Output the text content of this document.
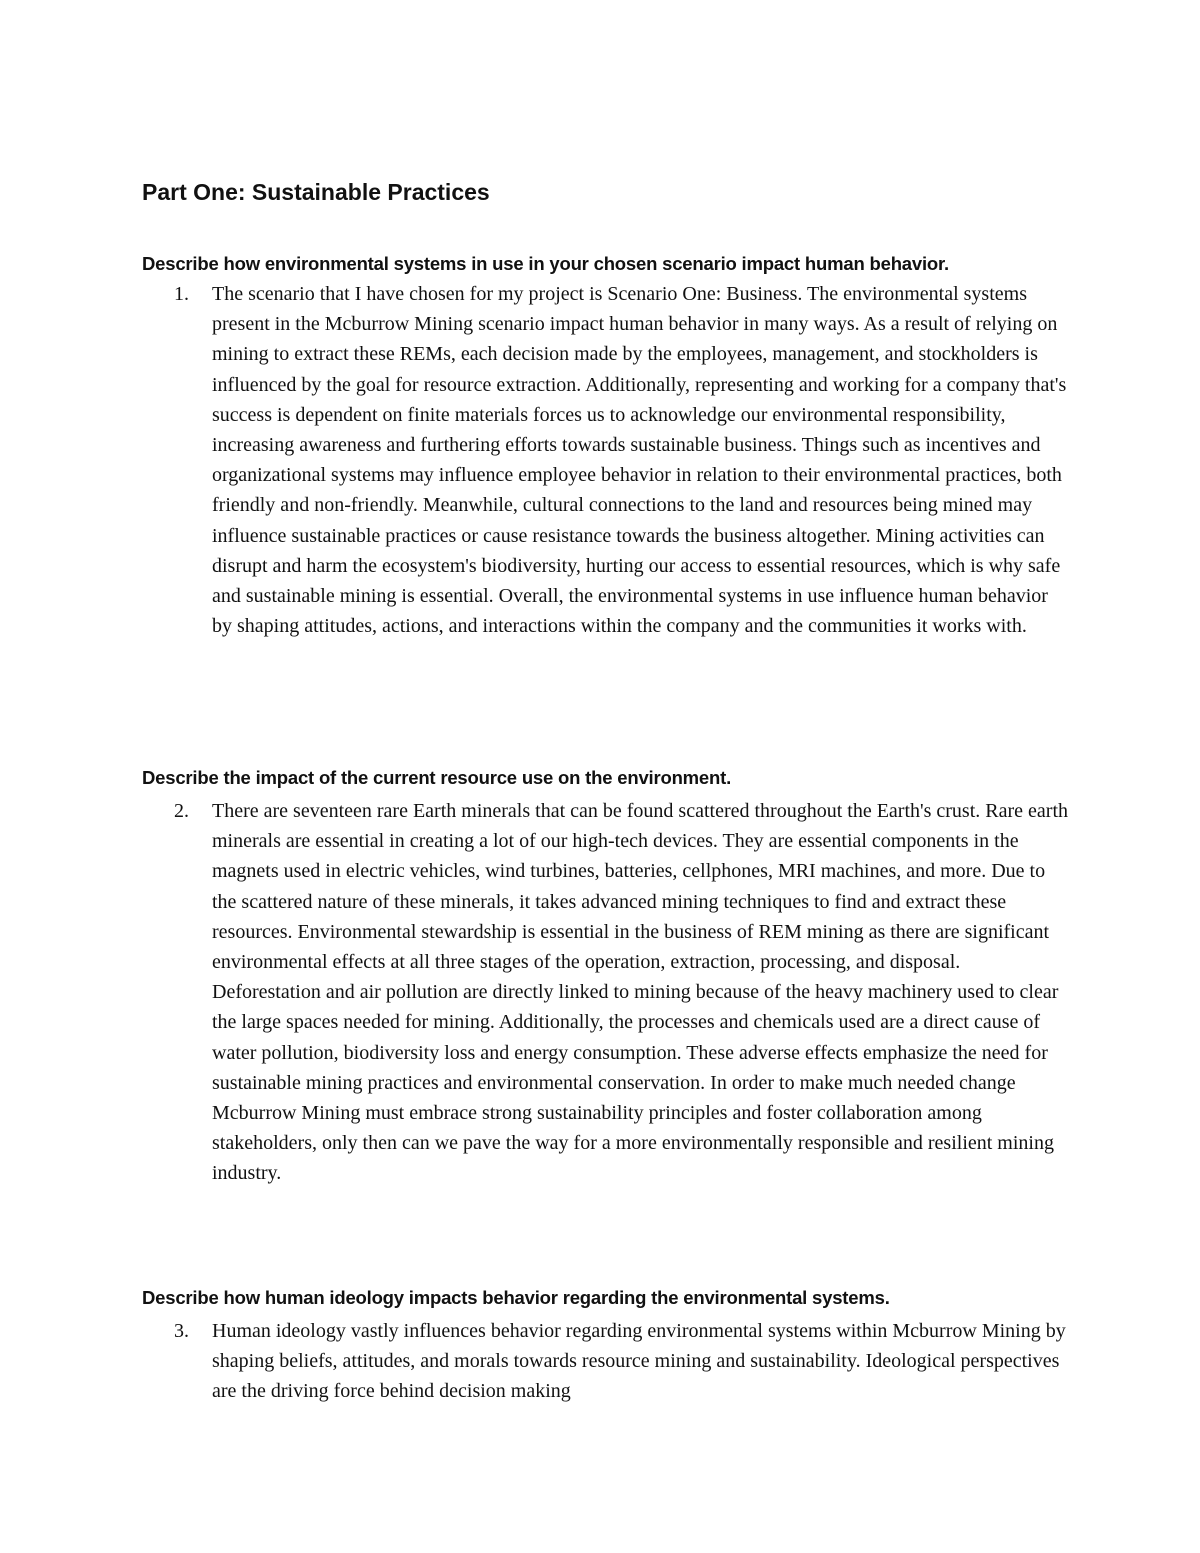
Part One: Sustainable Practices
Describe how environmental systems in use in your chosen scenario impact human behavior.
1.	The scenario that I have chosen for my project is Scenario One: Business. The environmental systems present in the Mcburrow Mining scenario impact human behavior in many ways. As a result of relying on mining to extract these REMs, each decision made by the employees, management, and stockholders is influenced by the goal for resource extraction. Additionally, representing and working for a company that's success is dependent on finite materials forces us to acknowledge our environmental responsibility, increasing awareness and furthering efforts towards sustainable business. Things such as incentives and organizational systems may influence employee behavior in relation to their environmental practices, both friendly and non-friendly. Meanwhile, cultural connections to the land and resources being mined may influence sustainable practices or cause resistance towards the business altogether. Mining activities can disrupt and harm the ecosystem's biodiversity, hurting our access to essential resources, which is why safe and sustainable mining is essential. Overall, the environmental systems in use influence human behavior by shaping attitudes, actions, and interactions within the company and the communities it works with.
Describe the impact of the current resource use on the environment.
2.	There are seventeen rare Earth minerals that can be found scattered throughout the Earth's crust. Rare earth minerals are essential in creating a lot of our high-tech devices. They are essential components in the magnets used in electric vehicles, wind turbines, batteries, cellphones, MRI machines, and more. Due to the scattered nature of these minerals, it takes advanced mining techniques to find and extract these resources. Environmental stewardship is essential in the business of REM mining as there are significant environmental effects at all three stages of the operation, extraction, processing, and disposal. Deforestation and air pollution are directly linked to mining because of the heavy machinery used to clear the large spaces needed for mining. Additionally, the processes and chemicals used are a direct cause of water pollution, biodiversity loss and energy consumption. These adverse effects emphasize the need for sustainable mining practices and environmental conservation. In order to make much needed change Mcburrow Mining must embrace strong sustainability principles and foster collaboration among stakeholders, only then can we pave the way for a more environmentally responsible and resilient mining industry.
Describe how human ideology impacts behavior regarding the environmental systems.
3.	Human ideology vastly influences behavior regarding environmental systems within Mcburrow Mining by shaping beliefs, attitudes, and morals towards resource mining and sustainability. Ideological perspectives are the driving force behind decision making
